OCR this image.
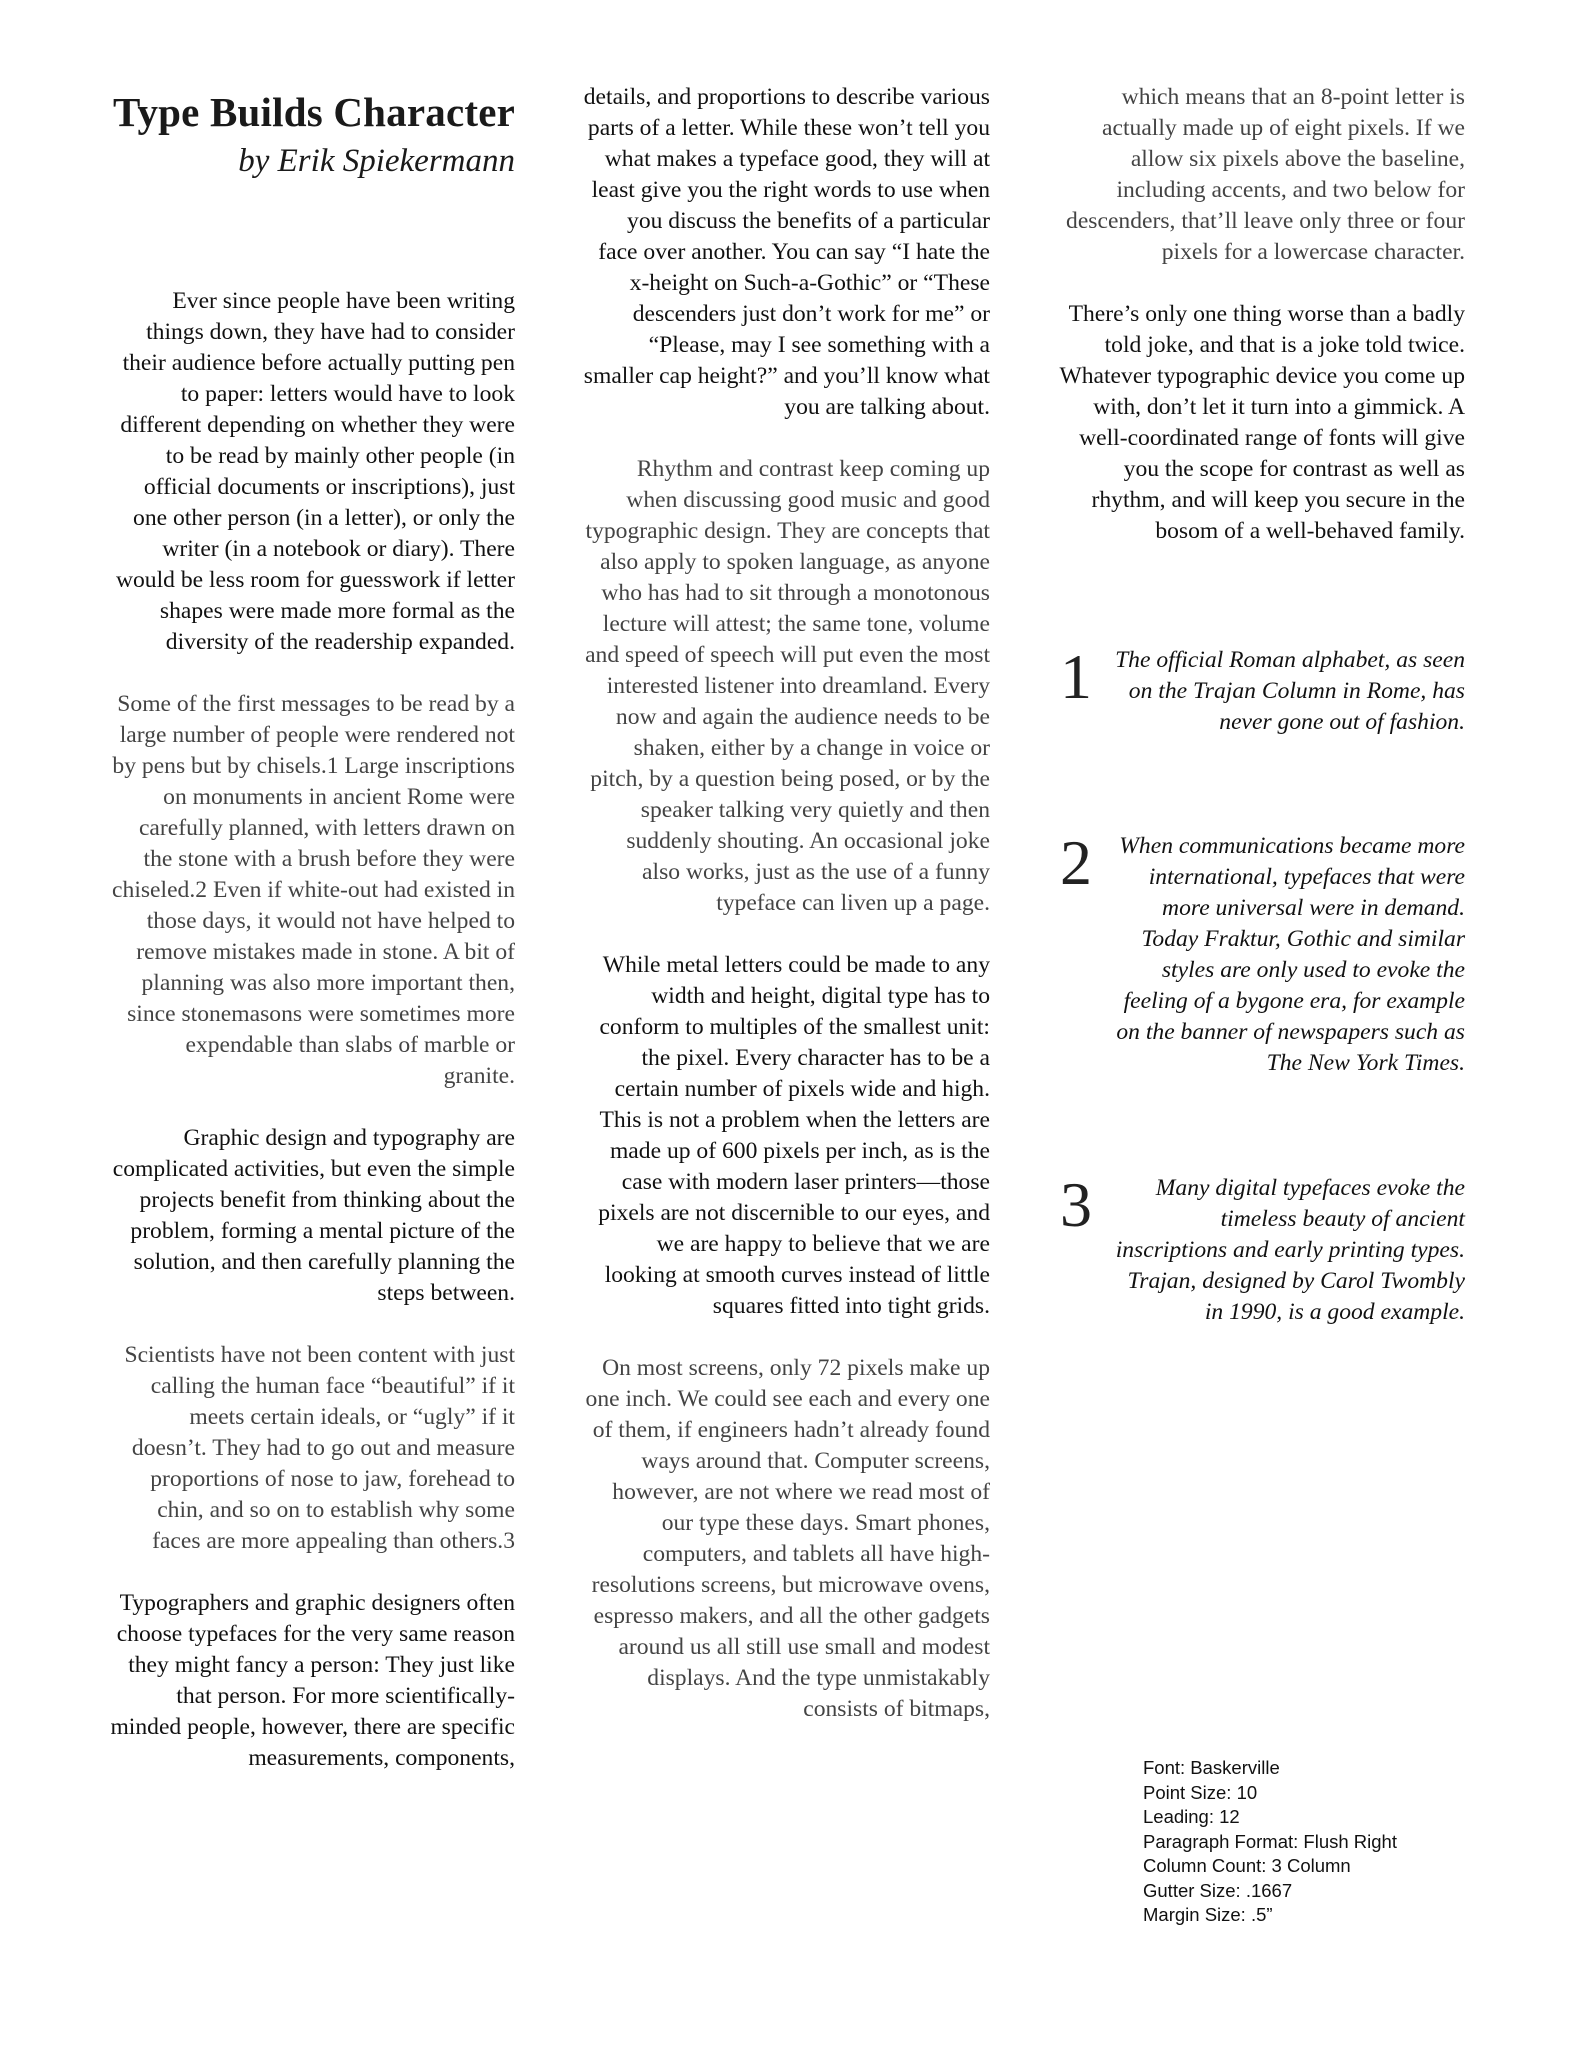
Type Builds Character
by Erik Spiekermann

Ever since people have been writing things down, they have had to consider their audience before actually putting pen to paper: letters would have to look different depending on whether they were to be read by mainly other people (in official documents or inscriptions), just one other person (in a letter), or only the writer (in a notebook or diary). There would be less room for guesswork if letter shapes were made more formal as the diversity of the readership expanded.

Some of the first messages to be read by a large number of people were rendered not by pens but by chisels.1 Large inscriptions on monuments in ancient Rome were carefully planned, with letters drawn on the stone with a brush before they were chiseled.2 Even if white-out had existed in those days, it would not have helped to remove mistakes made in stone. A bit of planning was also more important then, since stonemasons were sometimes more expendable than slabs of marble or granite.

Graphic design and typography are complicated activities, but even the simple projects benefit from thinking about the problem, forming a mental picture of the solution, and then carefully planning the steps between.

Scientists have not been content with just calling the human face “beautiful” if it meets certain ideals, or “ugly” if it doesn’t. They had to go out and measure proportions of nose to jaw, forehead to chin, and so on to establish why some faces are more appealing than others.3

Typographers and graphic designers often choose typefaces for the very same reason they might fancy a person: They just like that person. For more scientifically-minded people, however, there are specific measurements, components,

details, and proportions to describe various parts of a letter. While these won’t tell you what makes a typeface good, they will at least give you the right words to use when you discuss the benefits of a particular face over another. You can say “I hate the x-height on Such-a-Gothic” or “These descenders just don’t work for me” or “Please, may I see something with a smaller cap height?” and you’ll know what you are talking about.

Rhythm and contrast keep coming up when discussing good music and good typographic design. They are concepts that also apply to spoken language, as anyone who has had to sit through a monotonous lecture will attest; the same tone, volume and speed of speech will put even the most interested listener into dreamland. Every now and again the audience needs to be shaken, either by a change in voice or pitch, by a question being posed, or by the speaker talking very quietly and then suddenly shouting. An occasional joke also works, just as the use of a funny typeface can liven up a page.

While metal letters could be made to any width and height, digital type has to conform to multiples of the smallest unit: the pixel. Every character has to be a certain number of pixels wide and high. This is not a problem when the letters are made up of 600 pixels per inch, as is the case with modern laser printers—those pixels are not discernible to our eyes, and we are happy to believe that we are looking at smooth curves instead of little squares fitted into tight grids.

On most screens, only 72 pixels make up one inch. We could see each and every one of them, if engineers hadn’t already found ways around that. Computer screens, however, are not where we read most of our type these days. Smart phones, computers, and tablets all have high-resolutions screens, but microwave ovens, espresso makers, and all the other gadgets around us all still use small and modest displays. And the type unmistakably consists of bitmaps,

which means that an 8-point letter is actually made up of eight pixels. If we allow six pixels above the baseline, including accents, and two below for descenders, that’ll leave only three or four pixels for a lowercase character.

There’s only one thing worse than a badly told joke, and that is a joke told twice. Whatever typographic device you come up with, don’t let it turn into a gimmick. A well-coordinated range of fonts will give you the scope for contrast as well as rhythm, and will keep you secure in the bosom of a well-behaved family.

1 The official Roman alphabet, as seen on the Trajan Column in Rome, has never gone out of fashion.
2	When communications became more international, typefaces that were more universal were in demand. Today Fraktur, Gothic and similar styles are only used to evoke the feeling of a bygone era, for example on the banner of newspapers such as The New York Times.
3	Many digital typefaces evoke the timeless beauty of ancient inscriptions and early printing types. Trajan, designed by Carol Twombly in 1990, is a good example.
Font: Baskerville
Point Size: 10
Leading: 12
Paragraph Format: Flush Right
Column Count: 3 Column
Gutter Size: .1667
Margin Size: .5”
